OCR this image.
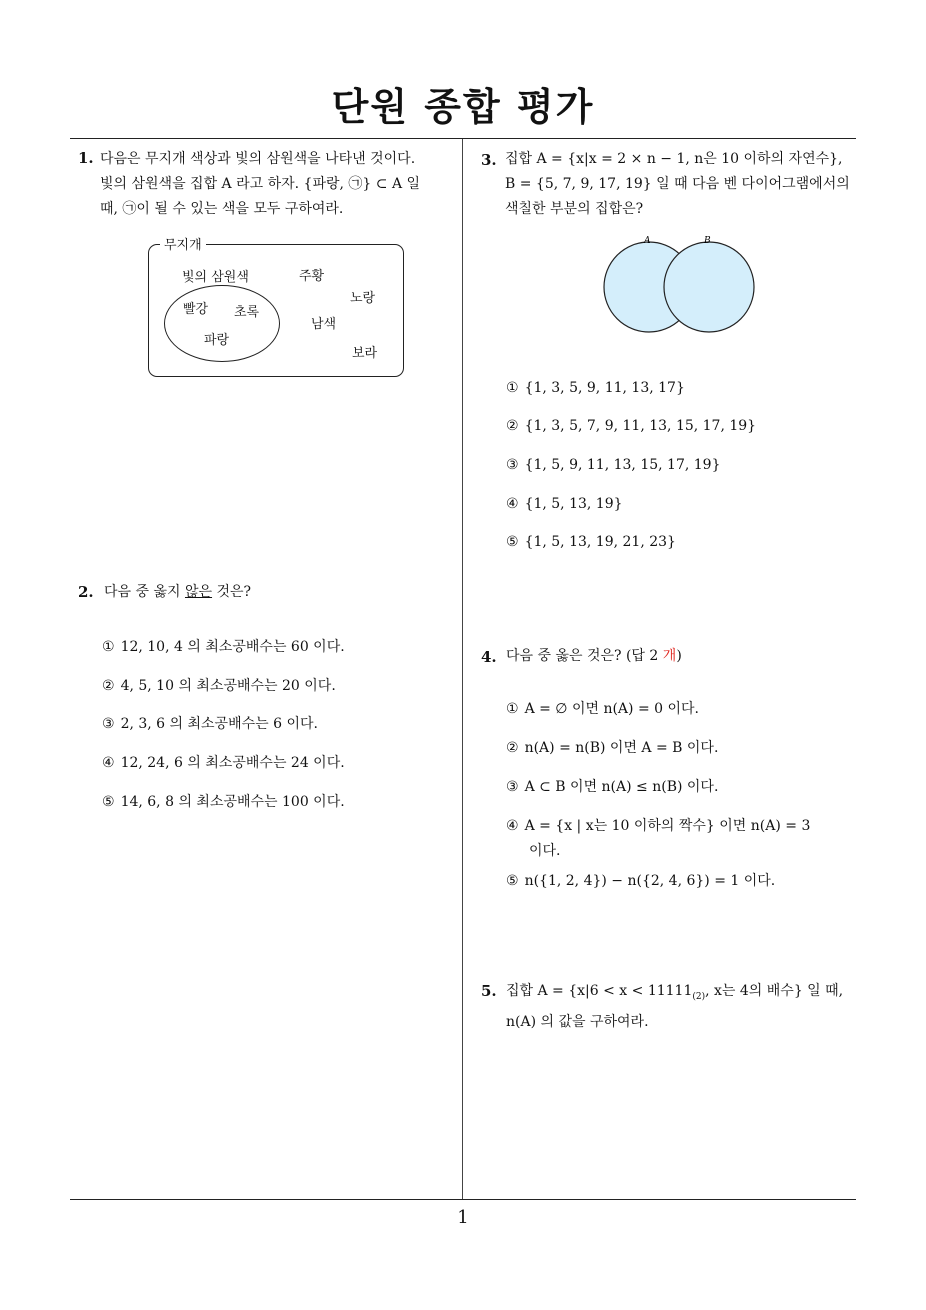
단원 종합 평가
1. 다음은 무지개 색상과 빛의 삼원색을 나타낸 것이다.
빛의 삼원색을 집합 A 라고 하자. {파랑, ㉠} ⊂ A 일
때, ㉠이 될 수 있는 색을 모두 구하여라.
무지개
빛의 삼원색
빨강 초록
파랑
주황
노랑
남색
보라
2. 다음 중 옳지 않은 것은?
① 12, 10, 4 의 최소공배수는 60 이다.
② 4, 5, 10 의 최소공배수는 20 이다.
③ 2, 3, 6 의 최소공배수는 6 이다.
④ 12, 24, 6 의 최소공배수는 24 이다.
⑤ 14, 6, 8 의 최소공배수는 100 이다.
3. 집합 A = {x|x = 2 × n − 1, n은 10 이하의 자연수},
B = {5, 7, 9, 17, 19} 일 때 다음 벤 다이어그램에서의
색칠한 부분의 집합은?
A	B
① {1, 3, 5, 9, 11, 13, 17}
② {1, 3, 5, 7, 9, 11, 13, 15, 17, 19}
③ {1, 5, 9, 11, 13, 15, 17, 19}
④ {1, 5, 13, 19}
⑤ {1, 5, 13, 19, 21, 23}
4. 다음 중 옳은 것은? (답 2 개)
① A = ∅ 이면 n(A) = 0 이다.
② n(A) = n(B) 이면 A = B 이다.
③ A ⊂ B 이면 n(A) ≤ n(B) 이다.
④ A = {x | x는 10 이하의 짝수} 이면 n(A) = 3
이다.
⑤ n({1, 2, 4}) − n({2, 4, 6}) = 1 이다.
5. 집합 $A = \{x|6 < x < 11111_{(2)}$, x는 4의 배수} 일 때,
n(A) 의 값을 구하여라.
1
